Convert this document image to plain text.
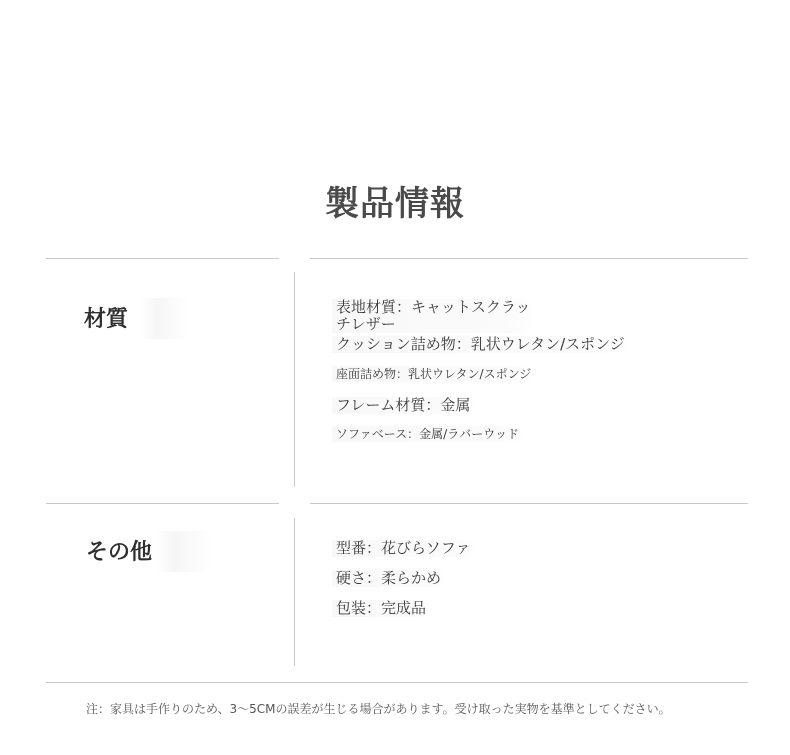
製品情報
材質	表地材質：キャットスクラッ
チレザー
クッション詰め物：乳状ウレタン/スポンジ
座面詰め物：乳状ウレタン/スポンジ
フレーム材質：金属
ソファベース：金属/ラバーウッド
その他	型番：花びらソファ
硬さ：柔らかめ
包装：完成品
注：家具は手作りのため、3〜5CMの誤差が生じる場合があります。受け取った実物を基準としてください。
